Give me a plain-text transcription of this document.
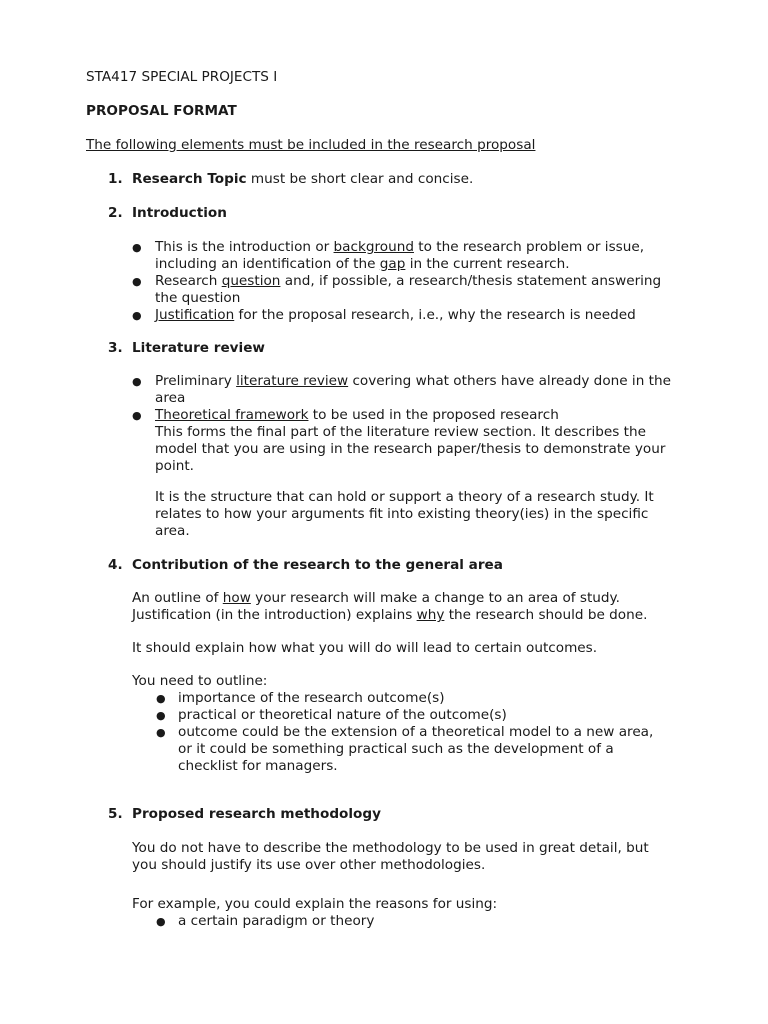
STA417 SPECIAL PROJECTS I
PROPOSAL FORMAT
The following elements must be included in the research proposal
1. Research Topic must be short clear and concise.
2. Introduction
● This is the introduction or background to the research problem or issue,
including an identification of the gap in the current research.
● Research question and, if possible, a research/thesis statement answering
the question
● Justification for the proposal research, i.e., why the research is needed
3. Literature review
● Preliminary literature review covering what others have already done in the
area
● Theoretical framework to be used in the proposed research
This forms the final part of the literature review section. It describes the
model that you are using in the research paper/thesis to demonstrate your
point.
It is the structure that can hold or support a theory of a research study. It
relates to how your arguments fit into existing theory(ies) in the specific
area.
4. Contribution of the research to the general area
An outline of how your research will make a change to an area of study.
Justification (in the introduction) explains why the research should be done.
It should explain how what you will do will lead to certain outcomes.
You need to outline:
● importance of the research outcome(s)
● practical or theoretical nature of the outcome(s)
● outcome could be the extension of a theoretical model to a new area,
or it could be something practical such as the development of a
checklist for managers.
5. Proposed research methodology
You do not have to describe the methodology to be used in great detail, but
you should justify its use over other methodologies.
For example, you could explain the reasons for using:
● a certain paradigm or theory
